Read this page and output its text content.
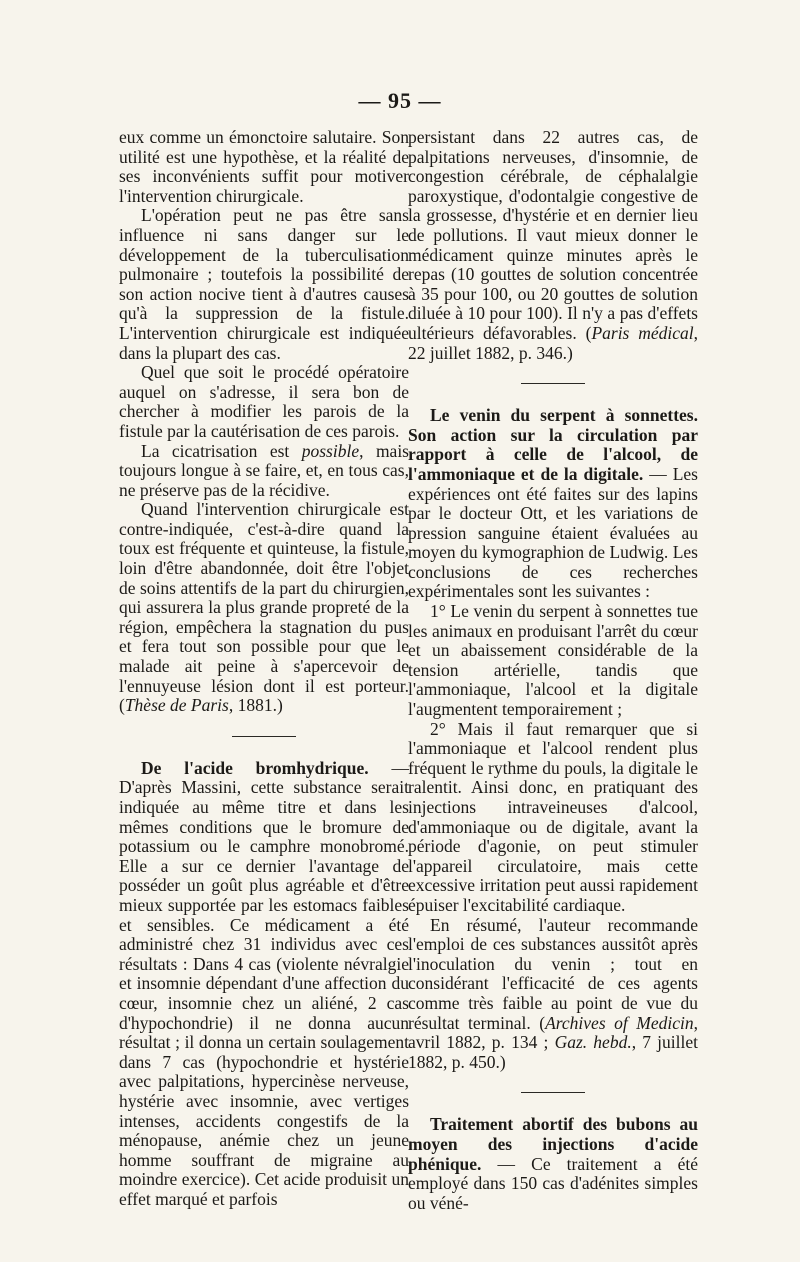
— 95 —

eux comme un émonctoire salutaire. Son utilité est une hypothèse, et la réalité de ses inconvénients suffit pour motiver l'intervention chirurgicale.

L'opération peut ne pas être sans influence ni sans danger sur le développement de la tuberculisation pulmonaire ; toutefois la possibilité de son action nocive tient à d'autres causes qu'à la suppression de la fistule. L'intervention chirurgicale est indiquée dans la plupart des cas.

Quel que soit le procédé opératoire auquel on s'adresse, il sera bon de chercher à modifier les parois de la fistule par la cautérisation de ces parois.

La cicatrisation est possible, mais toujours longue à se faire, et, en tous cas, ne préserve pas de la récidive.

Quand l'intervention chirurgicale est contre-indiquée, c'est-à-dire quand la toux est fréquente et quinteuse, la fistule, loin d'être abandonnée, doit être l'objet de soins attentifs de la part du chirurgien, qui assurera la plus grande propreté de la région, empêchera la stagnation du pus et fera tout son possible pour que le malade ait peine à s'apercevoir de l'ennuyeuse lésion dont il est porteur. (Thèse de Paris, 1881.)

De l'acide bromhydrique. — D'après Massini, cette substance serait indiquée au même titre et dans les mêmes conditions que le bromure de potassium ou le camphre monobromé. Elle a sur ce dernier l'avantage de posséder un goût plus agréable et d'être mieux supportée par les estomacs faibles et sensibles. Ce médicament a été administré chez 31 individus avec ces résultats : Dans 4 cas (violente névralgie et insomnie dépendant d'une affection du cœur, insomnie chez un aliéné, 2 cas d'hypochondrie) il ne donna aucun résultat ; il donna un certain soulagement dans 7 cas (hypochondrie et hystérie avec palpitations, hypercinèse nerveuse, hystérie avec insomnie, avec vertiges intenses, accidents congestifs de la ménopause, anémie chez un jeune homme souffrant de migraine au moindre exercice). Cet acide produisit un effet marqué et parfois

persistant dans 22 autres cas, de palpitations nerveuses, d'insomnie, de congestion cérébrale, de céphalalgie paroxystique, d'odontalgie congestive de la grossesse, d'hystérie et en dernier lieu de pollutions. Il vaut mieux donner le médicament quinze minutes après le repas (10 gouttes de solution concentrée à 35 pour 100, ou 20 gouttes de solution diluée à 10 pour 100). Il n'y a pas d'effets ultérieurs défavorables. (Paris médical, 22 juillet 1882, p. 346.)

Le venin du serpent à sonnettes. Son action sur la circulation par rapport à celle de l'alcool, de l'ammoniaque et de la digitale. — Les expériences ont été faites sur des lapins par le docteur Ott, et les variations de pression sanguine étaient évaluées au moyen du kymographion de Ludwig. Les conclusions de ces recherches expérimentales sont les suivantes :

1° Le venin du serpent à sonnettes tue les animaux en produisant l'arrêt du cœur et un abaissement considérable de la tension artérielle, tandis que l'ammoniaque, l'alcool et la digitale l'augmentent temporairement ;

2° Mais il faut remarquer que si l'ammoniaque et l'alcool rendent plus fréquent le rythme du pouls, la digitale le ralentit. Ainsi donc, en pratiquant des injections intraveineuses d'alcool, d'ammoniaque ou de digitale, avant la période d'agonie, on peut stimuler l'appareil circulatoire, mais cette excessive irritation peut aussi rapidement épuiser l'excitabilité cardiaque.

En résumé, l'auteur recommande l'emploi de ces substances aussitôt après l'inoculation du venin ; tout en considérant l'efficacité de ces agents comme très faible au point de vue du résultat terminal. (Archives of Medicin, avril 1882, p. 134 ; Gaz. hebd., 7 juillet 1882, p. 450.)

Traitement abortif des bubons au moyen des injections d'acide phénique. — Ce traitement a été employé dans 150 cas d'adénites simples ou véné-
